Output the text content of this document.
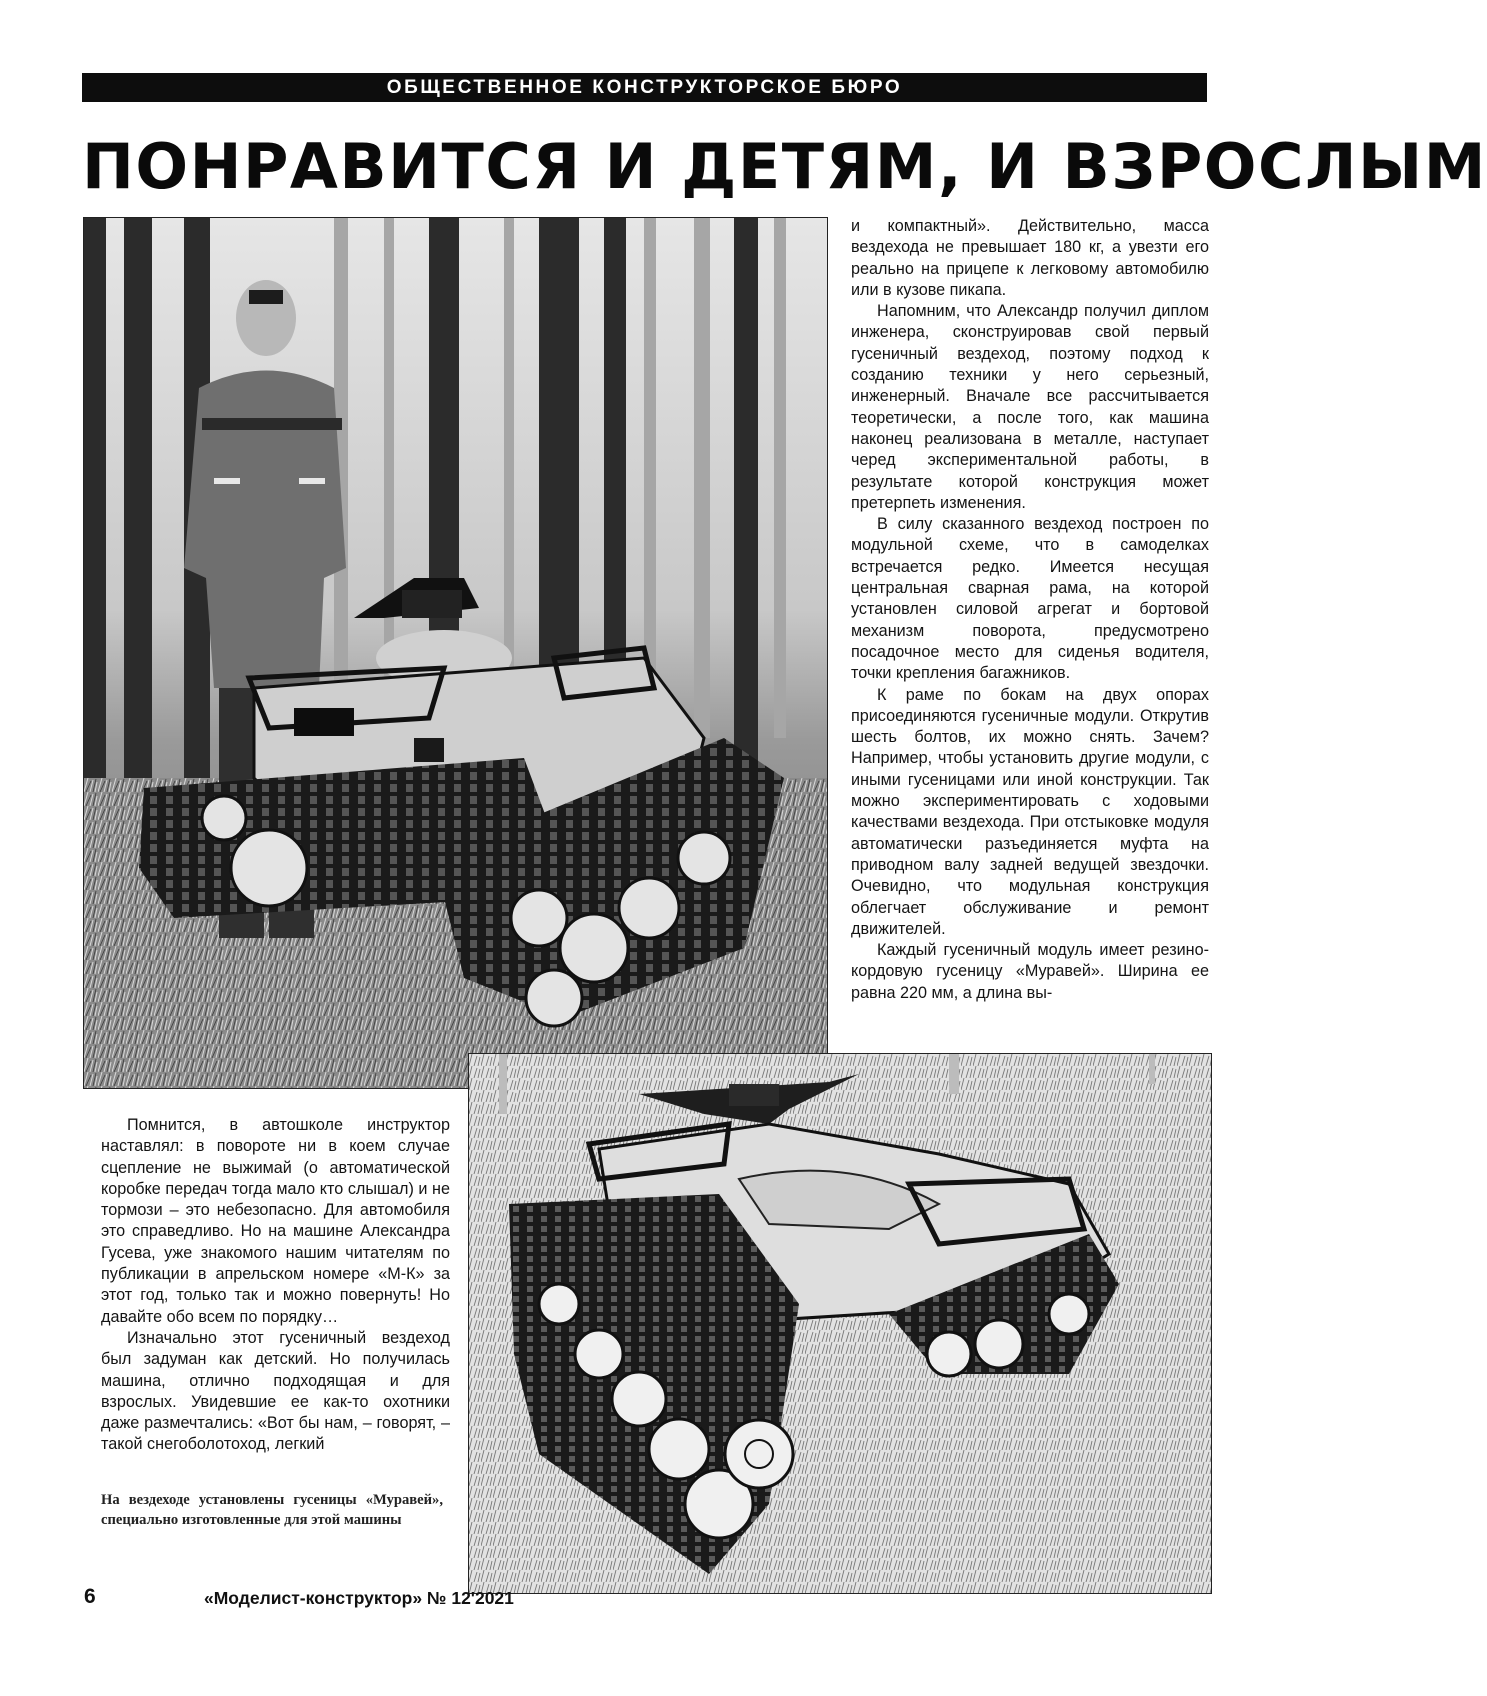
ОБЩЕСТВЕННОЕ КОНСТРУКТОРСКОЕ БЮРО
ПОНРАВИТСЯ И ДЕТЯМ, И ВЗРОСЛЫМ

и компактный». Действительно, масса вездехода не превышает 180 кг, а увезти его реально на прицепе к легковому автомобилю или в кузове пикапа.

Напомним, что Александр получил диплом инженера, сконструировав свой первый гусеничный вездеход, поэтому подход к созданию техники у него серьезный, инженерный. Вначале все рассчитывается теоретически, а после того, как машина наконец реализована в металле, наступает черед экспериментальной работы, в результате которой конструкция может претерпеть изменения.

В силу сказанного вездеход построен по модульной схеме, что в самоделках встречается редко. Имеется несущая центральная сварная рама, на которой установлен силовой агрегат и бортовой механизм поворота, предусмотрено посадочное место для сиденья водителя, точки крепления багажников.

К раме по бокам на двух опорах присоединяются гусеничные модули. Открутив шесть болтов, их можно снять. Зачем? Например, чтобы установить другие модули, с иными гусеницами или иной конструкции. Так можно экспериментировать с ходовыми качествами вездехода. При отстыковке модуля автоматически разъединяется муфта на приводном валу задней ведущей звездочки. Очевидно, что модульная конструкция облегчает обслуживание и ремонт движителей.

Каждый гусеничный модуль имеет резино-кордовую гусеницу «Муравей». Ширина ее равна 220 мм, а длина вы-

Помнится, в автошколе инструктор наставлял: в повороте ни в коем случае сцепление не выжимай (о автоматической коробке передач тогда мало кто слышал) и не тормози – это небезопасно. Для автомобиля это справедливо. Но на машине Александра Гусева, уже знакомого нашим читателям по публикации в апрельском номере «М-К» за этот год, только так и можно повернуть! Но давайте обо всем по порядку…

Изначально этот гусеничный вездеход был задуман как детский. Но получилась машина, отлично подходящая и для взрослых. Увидевшие ее как-то охотники даже размечтались: «Вот бы нам, – говорят, – такой снегоболотоход, легкий

На вездеходе установлены гусеницы «Муравей», специально изготовленные для этой машины
6	«Моделист-конструктор» № 12'2021
